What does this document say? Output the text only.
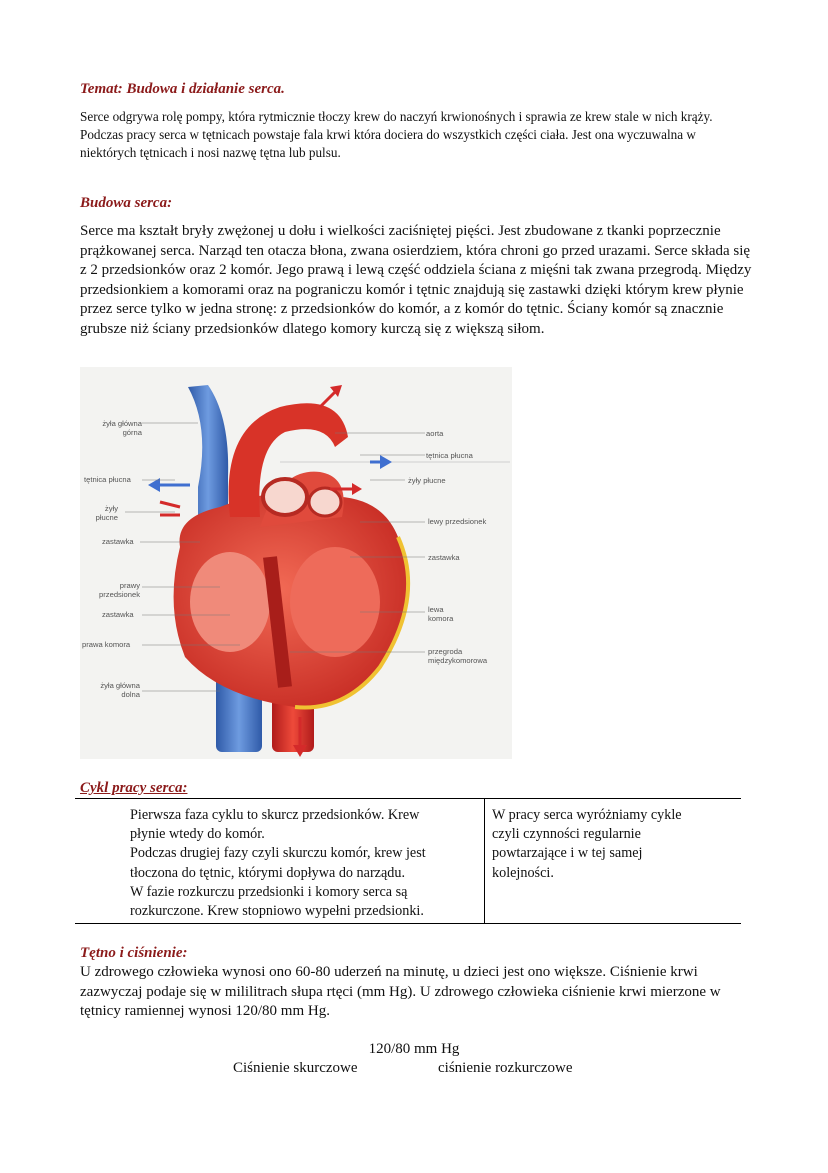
Temat: Budowa i działanie serca.

Serce odgrywa rolę pompy, która rytmicznie tłoczy krew do naczyń krwionośnych i sprawia ze krew stale w nich krąży. Podczas pracy serca w tętnicach powstaje fala krwi która dociera do wszystkich części ciała. Jest ona wyczuwalna w niektórych tętnicach i nosi nazwę tętna lub pulsu.

Budowa serca:

Serce ma kształt bryły zwężonej u dołu i wielkości zaciśniętej pięści. Jest zbudowane z tkanki poprzecznie prążkowanej serca. Narząd ten otacza błona, zwana osierdziem, która chroni go przed urazami. Serce składa się z 2 przedsionków oraz 2 komór. Jego prawą i lewą część oddziela ściana z mięśni tak zwana przegrodą. Między przedsionkiem a komorami oraz na pograniczu komór i tętnic znajdują się zastawki dzięki którym krew płynie przez serce tylko w jedna stronę: z przedsionków do komór, a z komór do tętnic. Ściany komór są znacznie grubsze niż ściany przedsionków dlatego komory kurczą się z większą siłom.

żyła główna górna
tętnica płucna
żyły płucne
zastawka
prawy przedsionek
zastawka
prawa komora
żyła główna dolna
aorta
tętnica płucna
żyły płucne
lewy przedsionek
zastawka
lewa komora
przegroda międzykomorowa
Cykl pracy serca:
Pierwsza faza cyklu to skurcz przedsionków. Krew
płynie wtedy do komór.
Podczas drugiej fazy czyli skurczu komór, krew jest
tłoczona do tętnic, którymi dopływa do narządu.
W fazie rozkurczu przedsionki i komory serca są
rozkurczone. Krew stopniowo wypełni przedsionki.
W pracy serca wyróżniamy cykle
czyli czynności regularnie
powtarzające i w tej samej
kolejności.
Tętno i ciśnienie:

U zdrowego człowieka wynosi ono 60-80 uderzeń na minutę, u dzieci jest ono większe. Ciśnienie krwi zazwyczaj podaje się w mililitrach słupa rtęci (mm Hg). U zdrowego człowieka ciśnienie krwi mierzone w tętnicy ramiennej wynosi 120/80 mm Hg.

120/80 mm Hg

Ciśnienie skurczowe	ciśnienie rozkurczowe
